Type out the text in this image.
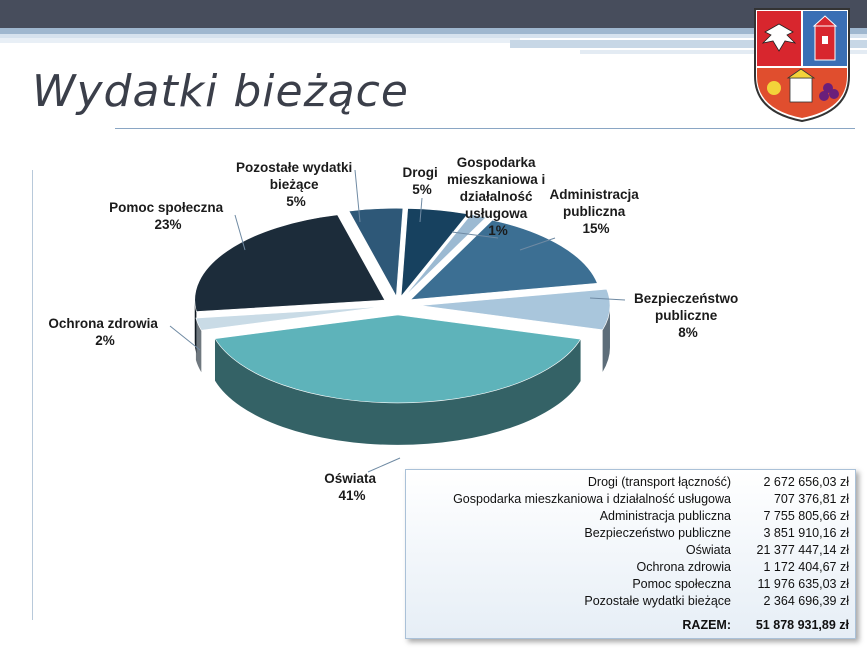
Wydatki bieżące
Drogi 5%
Gospodarka mieszkaniowa i działalność usługowa 1%
Administracja publiczna 15%
Bezpieczeństwo publiczne 8%
Oświata 41%
Ochrona zdrowia 2%
Pomoc społeczna 23%
Pozostałe wydatki bieżące 5%
Drogi (transport łączność)	2 672 656,03 zł
Gospodarka mieszkaniowa i działalność usługowa	707 376,81 zł
Administracja publiczna	7 755 805,66 zł
Bezpieczeństwo publiczne	3 851 910,16 zł
Oświata	21 377 447,14 zł
Ochrona zdrowia	1 172 404,67 zł
Pomoc społeczna	11 976 635,03 zł
Pozostałe wydatki bieżące	2 364 696,39 zł
RAZEM:	51 878 931,89 zł
